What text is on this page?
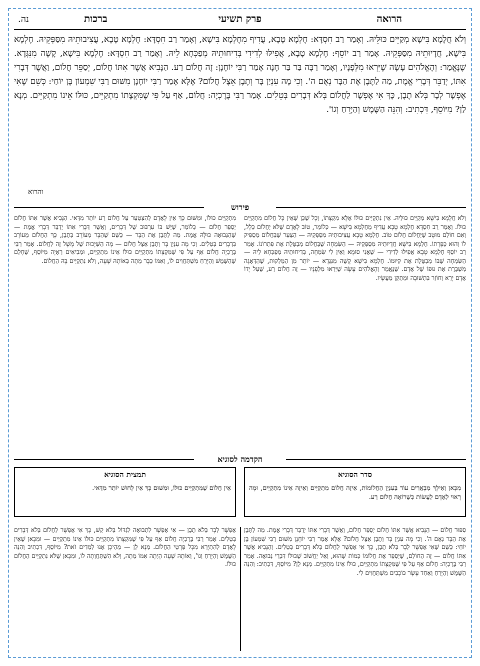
הרואה
פרק תשיעי
ברכות
נה.
וְלֹא חֲלָמָא בִּישָׁא מְקַיֵּים כּוּלֵּיהּ. וְאָמַר רַב חִסְדָּא: חֶלְמָא טָבָא, עֲדִיף מִחֶלְמָא בִּישָׁא, וְאָמַר רַב חִסְדָּא: חֶלְמָא טָבָא, עֲצִיבוּתֵיהּ מִסַּפְּקֵיהּ. חֶלְמָא בִּישָׁא, חֲדָיוּתֵיהּ מִסַּפְּקֵיהּ. אָמַר רַב יוֹסֵף: חֶלְמָא טָבָא, אֲפִילּוּ לְדִידִי בְּדִיחוּתֵיהּ מְפַכְּחָא לֵיהּ. וְאָמַר רַב חִסְדָּא: חֶלְמָא בִּישָׁא, קָשֶׁה מִנִּגְּדָא. שֶׁנֶּאֱמַר: וְהָאֱלֹהִים עָשָׂה שֶׁיִּרְאוּ מִלְּפָנָיו, וְאָמַר רַבָּה בַּר בַּר חָנָה אָמַר רַבִּי יוֹחָנָן: זֶה חֲלוֹם רַע. הַנָּבִיא אֲשֶׁר אִתּוֹ חֲלוֹם, יְסַפֵּר חֲלוֹם, וַאֲשֶׁר דְּבָרִי אִתּוֹ, יְדַבֵּר דְּבָרִי אֱמֶת, מַה לַתֶּבֶן אֶת הַבָּר נְאֻם ה'. וְכִי מָה עִנְיַן בָּר וְתֶבֶן אֵצֶל חֲלוֹם? אֶלָּא אָמַר רַבִּי יוֹחָנָן מִשּׁוּם רַבִּי שִׁמְעוֹן בֶּן יוֹחַי: כְּשֵׁם שֶׁאִי אֶפְשָׁר לְבָר בְּלֹא תֶבֶן, כָּךְ אִי אֶפְשָׁר לַחֲלוֹם בְּלֹא דְּבָרִים בְּטֵלִים. אָמַר רַבִּי בֶּרֶכְיָה: חֲלוֹם, אַף עַל פִּי שֶׁמִּקְצָתוֹ מִתְקַיֵּים, כּוּלּוֹ אֵינוֹ מִתְקַיֵּים. מְנָא לַן? מִיּוֹסֵף, דִּכְתִיב: וְהִנֵּה הַשֶּׁמֶשׁ וְהַיָּרֵחַ וְגוֹ'.
והרוא
פירוש
וְלֹא חֲלָמָא בִּישָׁא מְקַיֵּים כּוּלֵּיהּ. אֵין נִתְקַיֵּים כּוּלּוֹ אֶלָּא מִקְצָתוֹ, וְכָל שֶׁכֵּן שֶׁאֵין כָּל חֲלוֹם מִתְקַיֵּים כּוּלּוֹ. וְאָמַר רַב חִסְדָּא חֶלְמָא טָבָא עֲדִיף מֵחֶלְמָא בִּישָׁא — כְּלוֹמַר, טוֹב לָאָדָם שֶׁלֹּא יַחֲלוֹם כְּלָל, וְאִם חוֹלֵם מוּטָב שֶׁיַּחֲלוֹם חֲלוֹם טוֹב. חֶלְמָא טָבָא עֲצִיבוּתֵיהּ מִסַּפְּקֵיהּ — הַצַּעַר שֶׁבַּחֲלוֹם מַסְפִּיק לוֹ וְהוּא כַּפָּרָתוֹ. חֶלְמָא בִּישָׁא חֲדָיוּתֵיהּ מִסַּפְּקֵיהּ — הַשִּׂמְחָה שֶׁבַּחֲלוֹם מְבַטֶּלֶת אֶת פִּתְרוֹנוֹ. אָמַר רַב יוֹסֵף חֶלְמָא טָבָא אֲפִילּוּ לְדִידִי — שֶׁאֲנִי סוּמָא וְאֵין לִי שִׂמְחָה, בְּדִיחוּתֵיהּ מְפַכְּחָא לֵיהּ — הַשִּׂמְחָה שֶׁבּוֹ מְבַטֶּלֶת אֶת קִיּוּמוֹ. חֶלְמָא בִּישָׁא קָשֶׁה מִנִּגְּדָא — יוֹתֵר מִן הַמַּלְקוּת, שֶׁהַדְּאָגָה מְשַׁבֶּרֶת אֶת גּוּפוֹ שֶׁל אָדָם. שֶׁנֶּאֱמַר וְהָאֱלֹהִים עָשָׂה שֶׁיִּרְאוּ מִלְּפָנָיו — זֶה חֲלוֹם רַע, שֶׁעַל יָדוֹ אָדָם יָרֵא וְחוֹזֵר בִּתְשׁוּבָה וּמְתַקֵּן מַעֲשָׂיו.
מִתְקַיֵּים כּוּלּוֹ, וּמִשּׁוּם כָּךְ אֵין לָאָדָם לְהִצְטַעֵר עַל חֲלוֹם רַע יוֹתֵר מִדַּאי. הַנָּבִיא אֲשֶׁר אִתּוֹ חֲלוֹם יְסַפֵּר חֲלוֹם — כְּלוֹמַר, שֶׁיֵּשׁ בּוֹ עִרְבּוּב שֶׁל דְּבָרִים, וַאֲשֶׁר דְּבָרִי אִתּוֹ יְדַבֵּר דְּבָרִי אֱמֶת — שֶׁהַנְּבוּאָה כּוּלָּהּ אֱמֶת. מַה לַתֶּבֶן אֶת הַבָּר — כְּשֵׁם שֶׁהַבָּר מְעוֹרָב בְּתֶבֶן, כָּךְ הַחֲלוֹם מְעוֹרָב בִּדְבָרִים בְּטֵלִים. וְכִי מָה עִנְיַן בָּר וְתֶבֶן אֵצֶל חֲלוֹם — מָה הַשַּׁיָּכוּת שֶׁל מָשָׁל זֶה לַחֲלוֹם. אָמַר רַבִּי בֶּרֶכְיָה חֲלוֹם אַף עַל פִּי שֶׁמִּקְצָתוֹ מִתְקַיֵּים כּוּלּוֹ אֵינוֹ מִתְקַיֵּים, וּמְבִיאִים רְאָיָה מִיּוֹסֵף, שֶׁחָלַם שֶׁהַשֶּׁמֶשׁ וְהַיָּרֵחַ מִשְׁתַּחֲוִים לוֹ, וְאִמּוֹ כְּבָר מֵתָה בְּאוֹתָהּ שָׁעָה, וְלֹא נִתְקַיֵּים בָּהּ הַחֲלוֹם.
הקדמה לסוגיא
סדר הסוגיא
מִכָּאן וְאֵילָךְ מְבָאֲרִים עוֹד בְּעִנְיַן הַחֲלוֹמוֹת, אֵיזֶה חֲלוֹם מִתְקַיֵּים וְאֵיזֶה אֵינוֹ מִתְקַיֵּים, וּמָה רָאוּי לְאָדָם לַעֲשׂוֹת כְּשֶׁרוֹאֶה חֲלוֹם רַע.
תמצית הסוגיא
אֵין חֲלוֹם שֶׁמִּתְקַיֵּים כּוּלּוֹ, וּמִשּׁוּם כָּךְ אֵין לָחוּשׁ יוֹתֵר מִדַּאי.
סִפּוּר חֲלוֹם — הַנָּבִיא אֲשֶׁר אִתּוֹ חֲלוֹם יְסַפֵּר חֲלוֹם, וַאֲשֶׁר דְּבָרִי אִתּוֹ יְדַבֵּר דְּבָרִי אֱמֶת. מַה לַתֶּבֶן אֶת הַבָּר נְאֻם ה'. וְכִי מָה עִנְיַן בָּר וְתֶבֶן אֵצֶל חֲלוֹם? אֶלָּא אָמַר רַבִּי יוֹחָנָן מִשּׁוּם רַבִּי שִׁמְעוֹן בֶּן יוֹחַי: כְּשֵׁם שֶׁאִי אֶפְשָׁר לְבָר בְּלֹא תֶבֶן, כָּךְ אִי אֶפְשָׁר לַחֲלוֹם בְּלֹא דְּבָרִים בְּטֵלִים. וְהַנָּבִיא אֲשֶׁר אִתּוֹ חֲלוֹם — זֶה הַחוֹלֵם, שֶׁיְּסַפֵּר אֶת חֲלוֹמוֹ כְּמוֹת שֶׁהוּא, וְאַל יַחֲשׁוֹב שֶׁכּוּלּוֹ דִּבְרֵי נְבוּאָה. אָמַר רַבִּי בֶּרֶכְיָה: חֲלוֹם אַף עַל פִּי שֶׁמִּקְצָתוֹ מִתְקַיֵּים, כּוּלּוֹ אֵינוֹ מִתְקַיֵּים. מְנָא לַן? מִיּוֹסֵף, דִּכְתִיב: וְהִנֵּה הַשֶּׁמֶשׁ וְהַיָּרֵחַ וְאַחַד עָשָׂר כּוֹכָבִים מִשְׁתַּחֲוִים לִי.
אֶפְשָׁר לְבָר בְּלֹא תֶבֶן — אִי אֶפְשָׁר לִתְבוּאָה לִגְדּוֹל בְּלֹא קַשׁ, כָּךְ אִי אֶפְשָׁר לַחֲלוֹם בְּלֹא דְּבָרִים בְּטֵלִים. אָמַר רַבִּי בֶּרֶכְיָה חֲלוֹם אַף עַל פִּי שֶׁמִּקְצָתוֹ מִתְקַיֵּים כּוּלּוֹ אֵינוֹ מִתְקַיֵּים — וּמִכָּאן שֶׁאֵין לָאָדָם לְהִתְיָרֵא מִכָּל פְּרָטֵי הַחֲלוֹם. מְנָא לַן — מֵהֵיכָן אָנוּ לְמֵדִים זֹאת? מִיּוֹסֵף, דִּכְתִיב וְהִנֵּה הַשֶּׁמֶשׁ וְהַיָּרֵחַ וְגוֹ', וְאוֹתָהּ שָׁעָה הָיְתָה אִמּוֹ מֵתָה, וְלֹא הִשְׁתַּחֲוְתָה לוֹ, וּמִכָּאן שֶׁלֹּא נִתְקַיֵּים הַחֲלוֹם כּוּלּוֹ.
